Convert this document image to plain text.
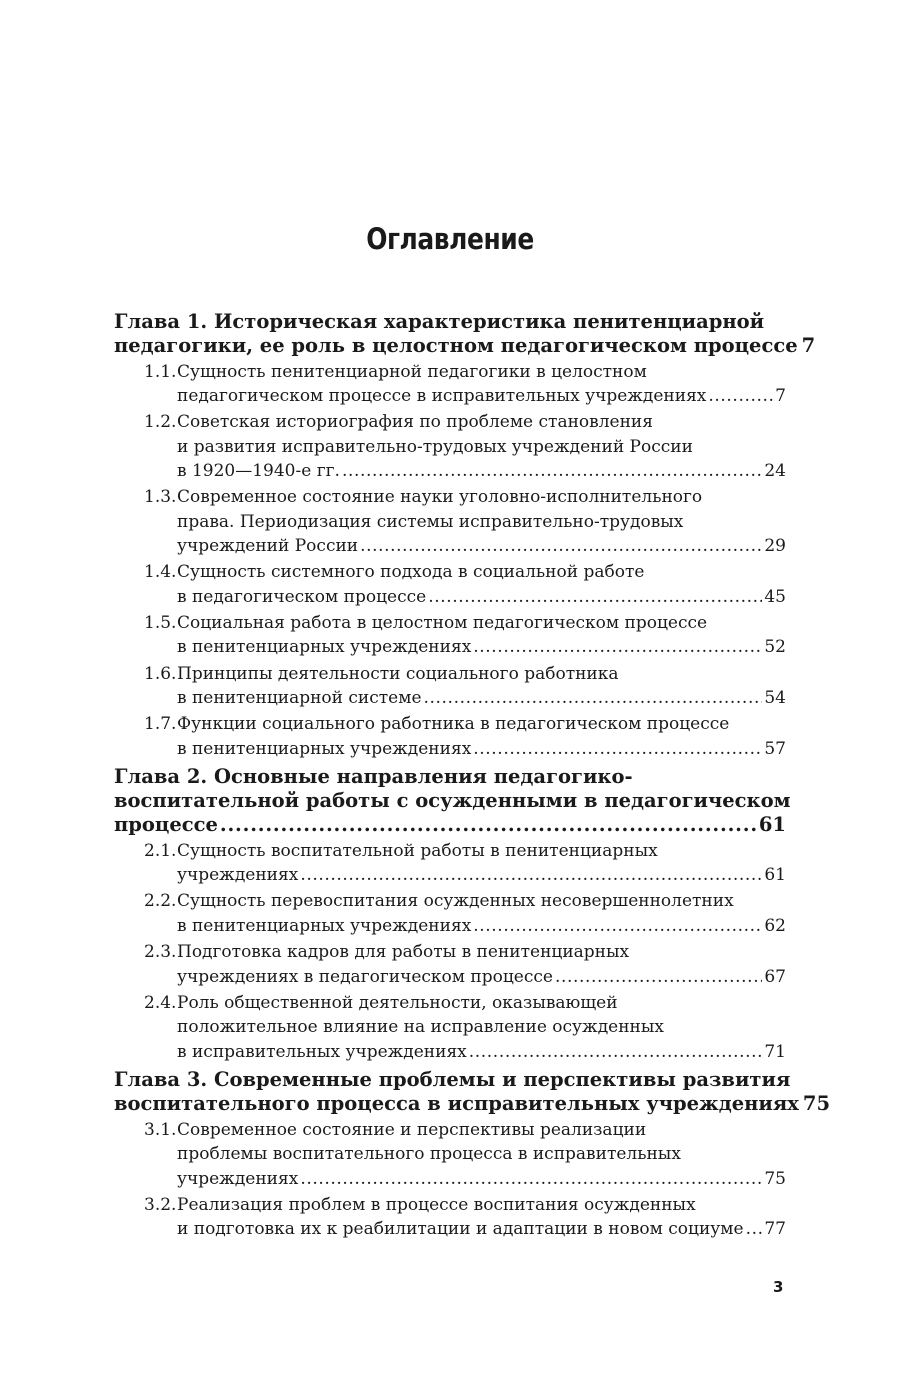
Оглавление
Глава 1. Историческая характеристика пенитенциарной
педагогики, ее роль в целостном педагогическом процессе 7
1.1.Сущность пенитенциарной педагогики в целостном
педагогическом процессе в исправительных учреждениях . . .	7
1.2.Советская историография по проблеме становления
и развития исправительно-трудовых учреждений России
в 1920—1940-е гг. . . .	24
1.3.Современное состояние науки уголовно-исполнительного
права. Периодизация системы исправительно-трудовых
учреждений России . . .	29
1.4.Сущность системного подхода в социальной работе
в педагогическом процессе . . .	45
1.5.Социальная работа в целостном педагогическом процессе
в пенитенциарных учреждениях . . .	52
1.6.Принципы деятельности социального работника
в пенитенциарной системе . . .	54
1.7.Функции социального работника в педагогическом процессе
в пенитенциарных учреждениях . . .	57
Глава 2. Основные направления педагогико-
воспитательной работы с осужденными в педагогическом
процессе . . .	61
2.1.Сущность воспитательной работы в пенитенциарных
учреждениях . . .	61
2.2.Сущность перевоспитания осужденных несовершеннолетних
в пенитенциарных учреждениях . . .	62
2.3.Подготовка кадров для работы в пенитенциарных
учреждениях в педагогическом процессе . . .	67
2.4.Роль общественной деятельности, оказывающей
положительное влияние на исправление осужденных
в исправительных учреждениях . . .	71
Глава 3. Современные проблемы и перспективы развития
воспитательного процесса в исправительных учреждениях 75
3.1.Современное состояние и перспективы реализации
проблемы воспитательного процесса в исправительных
учреждениях . . .	75
3.2.Реализация проблем в процессе воспитания осужденных
и подготовка их к реабилитации и адаптации в новом социуме . . . 77
3
